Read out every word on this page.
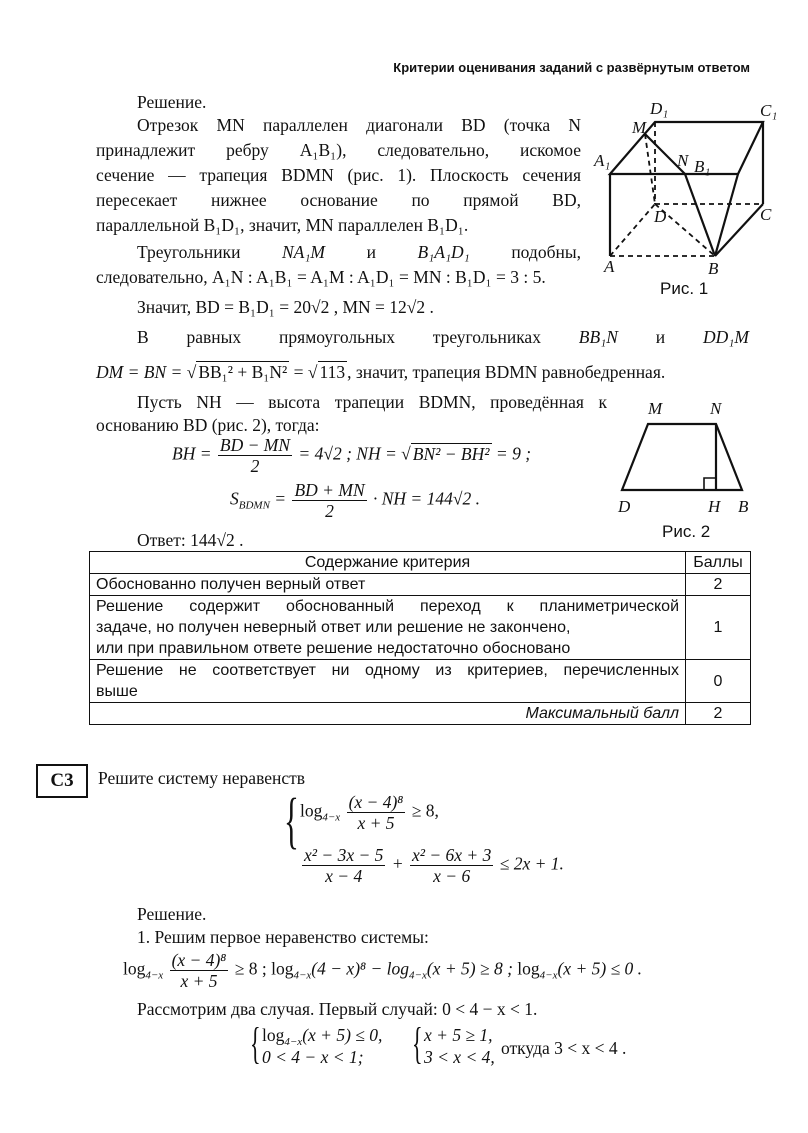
Критерии оценивания заданий с развёрнутым ответом
Решение.
Отрезок MN параллелен диагонали BD (точка N
принадлежит ребру A₁B₁), следовательно, искомое
сечение — трапеция BDMN (рис. 1). Плоскость сечения
пересекает нижнее основание по прямой BD,
параллельной B₁D₁, значит, MN параллелен B₁D₁.
Треугольники NA₁M и B₁A₁D₁ подобны,
следовательно, A₁N : A₁B₁ = A₁M : A₁D₁ = MN : B₁D₁ = 3 : 5.
Значит, BD = B₁D₁ = 20√2 , MN = 12√2 .
В равных прямоугольных треугольниках BB₁N и DD₁M
DM = BN = √ BB₁² + B₁N² = √ 113 , значит, трапеция BDMN равнобедренная.
Пусть NH — высота трапеции BDMN, проведённая к
основанию BD (рис. 2), тогда:
BH = $\frac{BD - MN}{2} = 4√2$ ; NH = √ BN² − BH² = 9 ;
$S_{BDMN} = \frac{BD + MN}{2}$ · NH = 144√2 .
Ответ: 144√2 .
D₁	C₁
M
A₁	N B₁
D	C
A	B
Рис. 1
M	N
D	H B
Рис. 2
Содержание критерия	Баллы
Обоснованно получен верный ответ	2

Решение содержит обоснованный переход к планиметрической
задаче, но получен неверный ответ или решение не закончено,
или при правильном ответе решение недостаточно обосновано	1

Решение не соответствует ни одному из критериев, перечисленных
выше	0
Максимальный балл	2
С3	Решите систему неравенств
{ $\log_{4-x} \frac{\text{(x − 4)⁸}}{x + 5} \ge 8$,
$\frac{\text{x² − 3x − 5}}{x - 4} + \frac{\text{x² − 6x + 3}}{x - 6} \le 2x + 1$.
Решение.
1. Решим первое неравенство системы:
$\log_{4-x} \frac{\text{(x − 4)⁸}}{x + 5} \ge 8$ ; $\log_{4-x}(4 - x)^8 - \log_{4-x}(x + 5) \ge 8$ ; $\log_{4-x}(x + 5) \le 0$ .
Рассмотрим два случая. Первый случай: 0 < 4 − x < 1.
{ $\log_{4-x}(x + 5) \le 0$,
0 < 4 − x < 1;	{ x + 5 ≥ 1,
3 < x < 4, откуда 3 < x < 4 .
